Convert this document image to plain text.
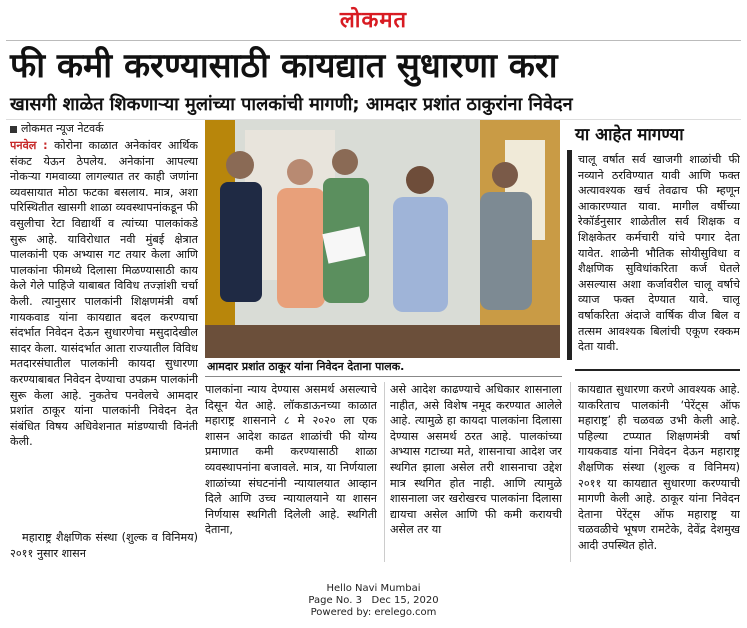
लोकमत
फी कमी करण्यासाठी कायद्यात सुधारणा करा
खासगी शाळेत शिकणाऱ्या मुलांच्या पालकांची मागणी; आमदार प्रशांत ठाकुरांना निवेदन
लोकमत न्यूज नेटवर्क
पनवेल : कोरोना काळात अनेकांवर आर्थिक संकट येऊन ठेपलेय. अनेकांना आपल्या नोकऱ्या गमवाव्या लागल्यात तर काही जणांना व्यवसायात मोठा फटका बसलाय. मात्र, अशा परिस्थितीत खासगी शाळा व्यवस्थापनांकडून फी वसुलीचा रेटा विद्यार्थी व त्यांच्या पालकांकडे सुरू आहे. याविरोधात नवी मुंबई क्षेत्रात पालकांनी एक अभ्यास गट तयार केला आणि पालकांना फीमध्ये दिलासा मिळण्यासाठी काय केले गेले पाहिजे याबाबत विविध तज्ज्ञांशी चर्चा केली. त्यानुसार पालकांनी शिक्षणमंत्री वर्षा गायकवाड यांना कायद्यात बदल करण्याचा संदर्भात निवेदन देऊन सुधारणेचा मसुदादेखील सादर केला. यासंदर्भात आता राज्यातील विविध मतदारसंघातील पालकांनी कायदा सुधारणा करण्याबाबत निवेदन देण्याचा उपक्रम पालकांनी सुरू केला आहे. नुकतेच पनवेलचे आमदार प्रशांत ठाकूर यांना पालकांनी निवेदन देत संबंधित विषय अधिवेशनात मांडण्याची विनंती केली.
महाराष्ट्र शैक्षणिक संस्था (शुल्क व विनिमय) २०११ नुसार शासन
आमदार प्रशांत ठाकूर यांना निवेदन देताना पालक.
या आहेत मागण्या
चालू वर्षात सर्व खाजगी शाळांची फी नव्याने ठरविण्यात यावी आणि फक्त अत्यावश्यक खर्च तेवढाच फी म्हणून आकारण्यात यावा. मागील वर्षीच्या रेकॉर्डनुसार शाळेतील सर्व शिक्षक व शिक्षकेतर कर्मचारी यांचे पगार देता यावेत. शाळेनी भौतिक सोयीसुविधा व शैक्षणिक सुविधांकरिता कर्ज घेतले असल्यास अशा कर्जावरील चालू वर्षाचे व्याज फक्त देण्यात यावे. चालू वर्षाकरिता अंदाजे वार्षिक वीज बिल व तत्सम आवश्यक बिलांची एकूण रक्कम देता यावी.
पालकांना न्याय देण्यास असमर्थ असल्याचे दिसून येत आहे. लॉकडाऊनच्या काळात महाराष्ट्र शासनाने ८ मे २०२० ला एक शासन आदेश काढत शाळांची फी योग्य प्रमाणात कमी करण्यासाठी शाळा व्यवस्थापनांना बजावले. मात्र, या निर्णयाला शाळांच्या संघटनांनी न्यायालयात आव्हान दिले आणि उच्च न्यायालयाने या शासन निर्णयास स्थगिती दिलेली आहे. स्थगिती देताना,
असे आदेश काढण्याचे अधिकार शासनाला नाहीत, असे विशेष नमूद करण्यात आलेले आहे. त्यामुळे हा कायदा पालकांना दिलासा देण्यास असमर्थ ठरत आहे. पालकांच्या अभ्यास गटाच्या मते, शासनाचा आदेश जर स्थगित झाला असेल तरी शासनाचा उद्देश मात्र स्थगित होत नाही. आणि त्यामुळे शासनाला जर खरोखरच पालकांना दिलासा द्यायचा असेल आणि फी कमी करायची असेल तर या
कायद्यात सुधारणा करणे आवश्यक आहे. याकरिताच पालकांनी ‘पेरेंट्स ऑफ महाराष्ट्र’ ही चळवळ उभी केली आहे. पहिल्या टप्प्यात शिक्षणमंत्री वर्षा गायकवाड यांना निवेदन देऊन महाराष्ट्र शैक्षणिक संस्था (शुल्क व विनिमय) २०११ या कायद्यात सुधारणा करण्याची मागणी केली आहे. ठाकूर यांना निवेदन देताना पेरेंट्स ऑफ महाराष्ट्र या चळवळीचे भूषण रामटेके, देवेंद्र देशमुख आदी उपस्थित होते.
Hello Navi Mumbai
Page No. 3 Dec 15, 2020
Powered by: erelego.com
